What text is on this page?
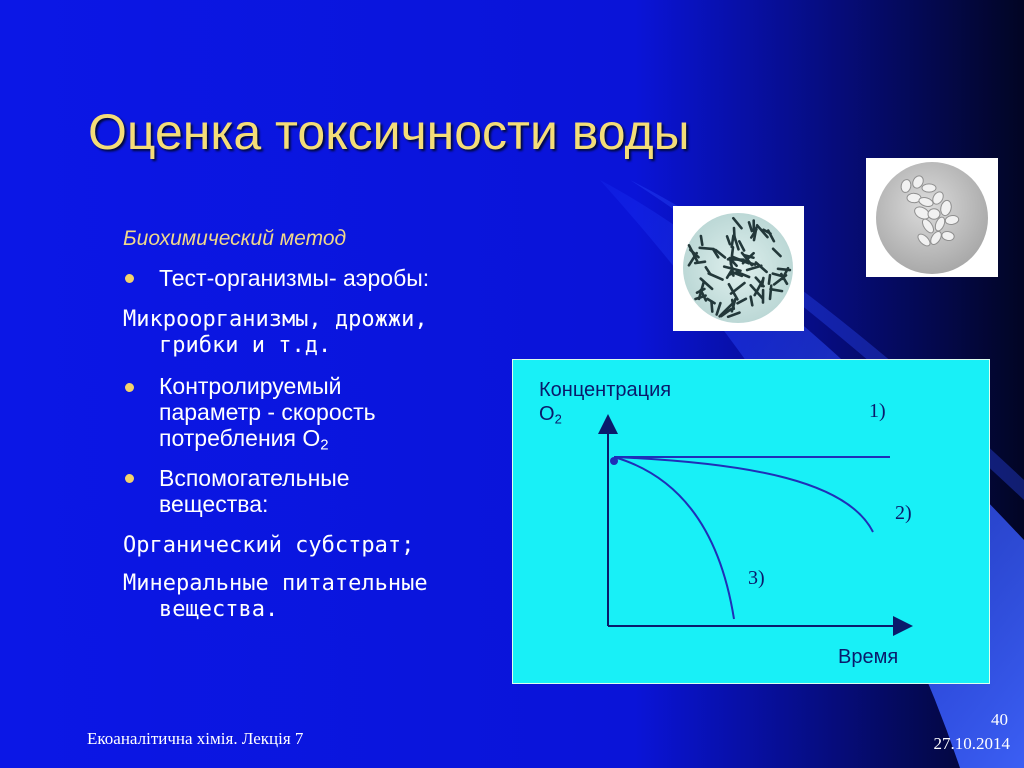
Оценка токсичности воды
Биохимический метод
Тест-организмы- аэробы:
Микроорганизмы, дрожжи,
грибки и т.д.
Контролируемый
параметр - скорость
потребления $О_2$
Вспомогательные
вещества:
Органический субстрат;
Минеральные питательные
вещества.
Концентрация
$O_2$
Время
1)
2)
3)
Екоаналітична хімія. Лекція 7
40
27.10.2014
